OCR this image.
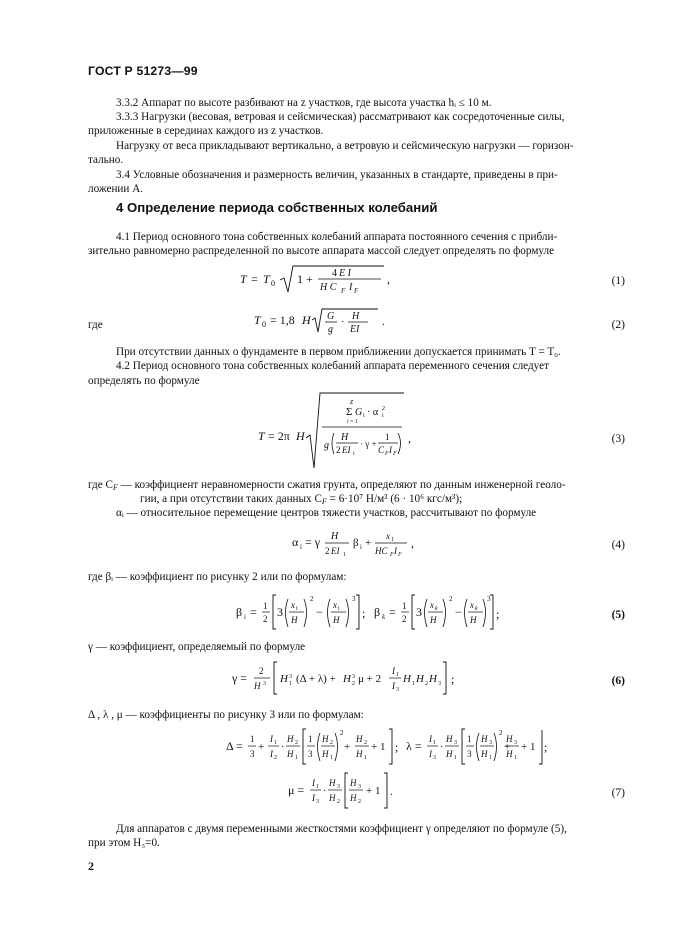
ГОСТ Р 51273—99
3.3.2 Аппарат по высоте разбивают на z участков, где высота участка hᵢ ≤ 10 м.
3.3.3 Нагрузки (весовая, ветровая и сейсмическая) рассматривают как сосредоточенные силы,
приложенные в серединах каждого из z участков.
Нагрузку от веса прикладывают вертикально, а ветровую и сейсмическую нагрузки — горизон-
тально.
3.4 Условные обозначения и размерность величин, указанных в стандарте, приведены в при-
ложении А.
4 Определение периода собственных колебаний
4.1 Период основного тона собственных колебаний аппарата постоянного сечения с прибли-
зительно равномерно распределенной по высоте аппарата массой следует определять по формуле
T = T 0 1 + 4 E I
H C F I F
,	(1)
где	T 0 = 1,8 H G
g
·
H
EI
.	(2)
При отсутствии данных о фундаменте в первом приближении допускается принимать T = T₀.
4.2 Период основного тона собственных колебаний аппарата переменного сечения следует
определять по формуле
T = 2π H
z
Σ G i · α i
2
i = 1
g
H
2 EI i
· γ +
1
C F I F
,	(3)
где CF — коэффициент неравномерности сжатия грунта, определяют по данным инженерной геоло-
гии, а при отсутствии таких данных CF = 6·10⁷ Н/м³ (6 · 10⁶ кгс/м³);
αᵢ — относительное перемещение центров тяжести участков, рассчитывают по формуле
α i = γ H
2 EI 1
β i +
x 1
HC F I F
,	(4)
где βᵢ — коэффициент по рисунку 2 или по формулам:
β i = 1
2 3 x i
H
2
− x i
H
3
; β k = 1
2 3 x k
H
2
− x k
H
3
;	(5)
γ — коэффициент, определяемый по формуле
γ = 2
H 3 H 3
1 (Δ + λ) + H 3
2 μ + 2
I 1
I 3
H 1 H 2 H 3 ;	(6)
Δ , λ , μ — коэффициенты по рисунку 3 или по формулам:
Δ = 1
3
+
I 1
I 2
·
H 2
H 1
1
3
H 2
H 1
2
+
H 2
H 1
+ 1 ; λ = I 1
I 3
·
H 3
H 1
1
3
H 3
H 1
2
+
H 3
H 1
+ 1 ;
μ = I 1
I 3
·
H 3
H 2
H 3
H 2
+ 1 .	(7)
Для аппаратов с двумя переменными жесткостями коэффициент γ определяют по формуле (5),
при этом H₃=0.
2
